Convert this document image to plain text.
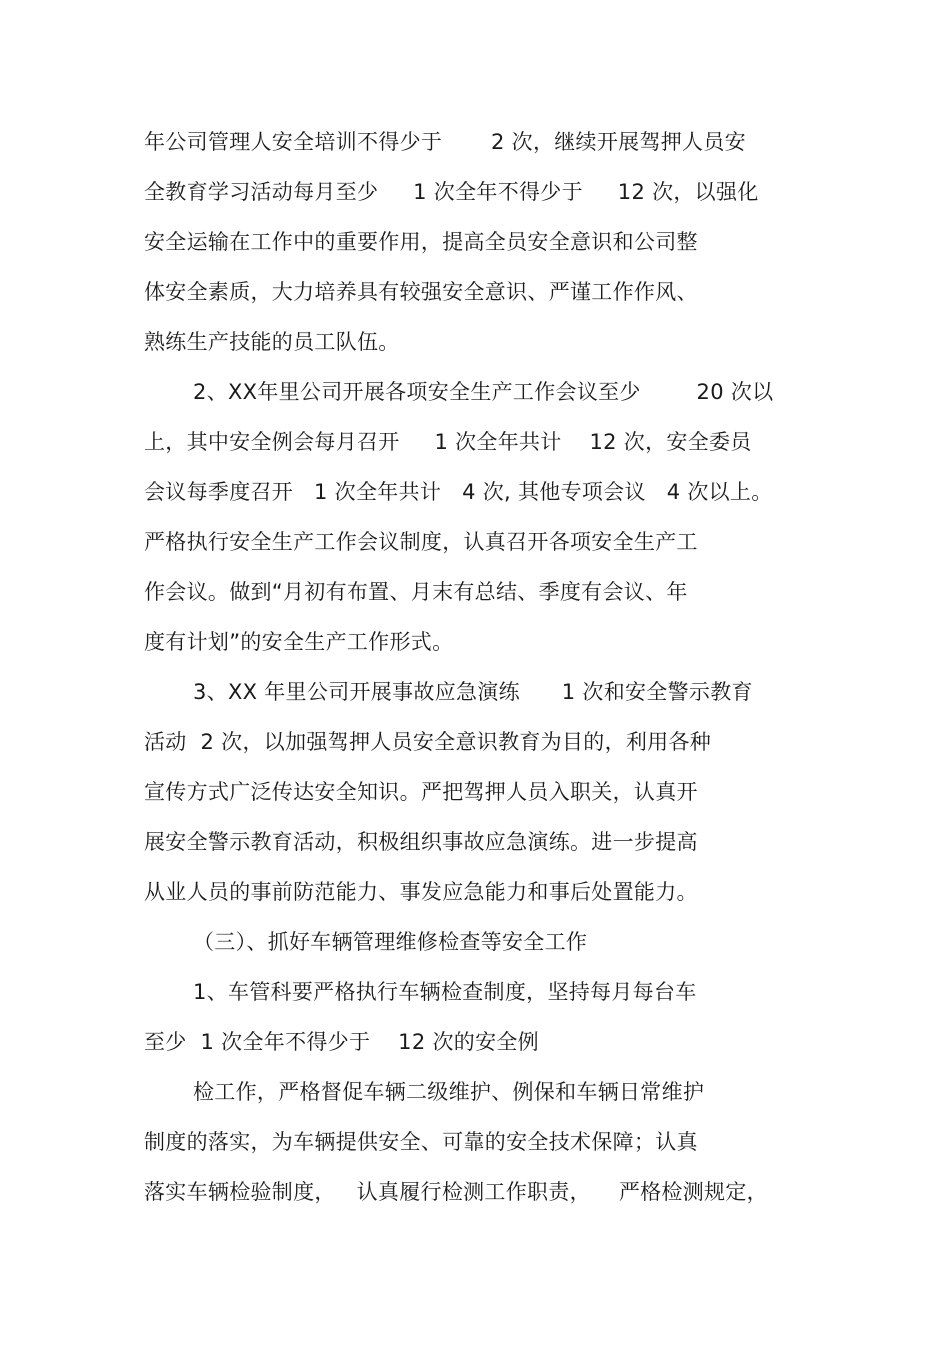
年公司管理人安全培训不得少于       2 次，继续开展驾押人员安
全教育学习活动每月至少     1 次全年不得少于     12 次，以强化
安全运输在工作中的重要作用，提高全员安全意识和公司整
体安全素质，大力培养具有较强安全意识、严谨工作作风、
熟练生产技能的员工队伍。
2、XX年里公司开展各项安全生产工作会议至少        20 次以
上，其中安全例会每月召开     1 次全年共计    12 次，安全委员
会议每季度召开   1 次全年共计   4 次, 其他专项会议   4 次以上。
严格执行安全生产工作会议制度，认真召开各项安全生产工
作会议。做到“月初有布置、月末有总结、季度有会议、年
度有计划”的安全生产工作形式。
3、XX 年里公司开展事故应急演练      1 次和安全警示教育
活动  2 次，以加强驾押人员安全意识教育为目的，利用各种
宣传方式广泛传达安全知识。严把驾押人员入职关，认真开
展安全警示教育活动，积极组织事故应急演练。进一步提高
从业人员的事前防范能力、事发应急能力和事后处置能力。
（三）、抓好车辆管理维修检查等安全工作
1、车管科要严格执行车辆检查制度，坚持每月每台车
至少  1 次全年不得少于    12 次的安全例
检工作，严格督促车辆二级维护、例保和车辆日常维护
制度的落实，为车辆提供安全、可靠的安全技术保障；认真
落实车辆检验制度，   认真履行检测工作职责，    严格检测规定，
